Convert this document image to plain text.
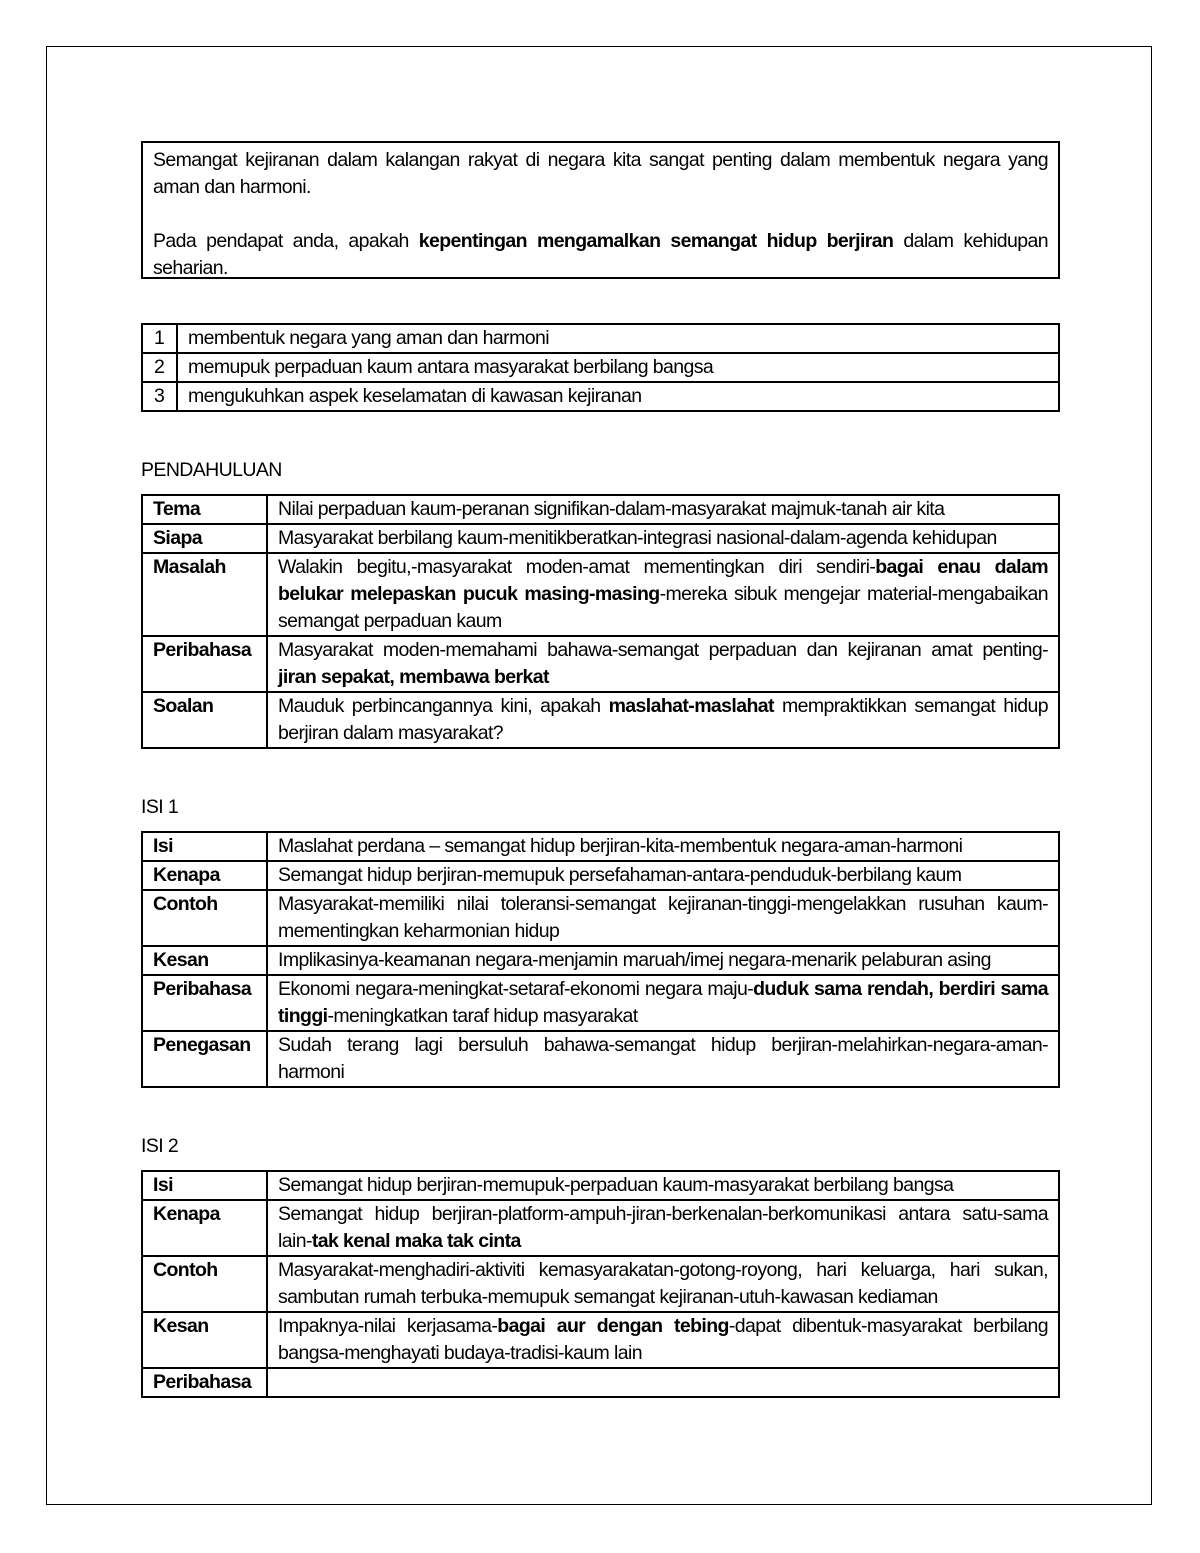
Semangat kejiranan dalam kalangan rakyat di negara kita sangat penting dalam membentuk negara yang aman dan harmoni.

Pada pendapat anda, apakah kepentingan mengamalkan semangat hidup berjiran dalam kehidupan seharian.

1	membentuk negara yang aman dan harmoni
2	memupuk perpaduan kaum antara masyarakat berbilang bangsa
3	mengukuhkan aspek keselamatan di kawasan kejiranan
PENDAHULUAN
Tema	Nilai perpaduan kaum-peranan signifikan-dalam-masyarakat majmuk-tanah air kita
Siapa	Masyarakat berbilang kaum-menitikberatkan-integrasi nasional-dalam-agenda kehidupan
Masalah	Walakin begitu,-masyarakat moden-amat mementingkan diri sendiri-bagai enau dalam belukar melepaskan pucuk masing-masing-mereka sibuk mengejar material-mengabaikan semangat perpaduan kaum
Peribahasa	Masyarakat moden-memahami bahawa-semangat perpaduan dan kejiranan amat penting-jiran sepakat, membawa berkat
Soalan	Mauduk perbincangannya kini, apakah maslahat-maslahat mempraktikkan semangat hidup berjiran dalam masyarakat?
ISI 1
Isi	Maslahat perdana – semangat hidup berjiran-kita-membentuk negara-aman-harmoni
Kenapa	Semangat hidup berjiran-memupuk persefahaman-antara-penduduk-berbilang kaum
Contoh	Masyarakat-memiliki nilai toleransi-semangat kejiranan-tinggi-mengelakkan rusuhan kaum-mementingkan keharmonian hidup
Kesan	Implikasinya-keamanan negara-menjamin maruah/imej negara-menarik pelaburan asing
Peribahasa	Ekonomi negara-meningkat-setaraf-ekonomi negara maju-duduk sama rendah, berdiri sama tinggi-meningkatkan taraf hidup masyarakat
Penegasan	Sudah terang lagi bersuluh bahawa-semangat hidup berjiran-melahirkan-negara-aman-harmoni
ISI 2
Isi	Semangat hidup berjiran-memupuk-perpaduan kaum-masyarakat berbilang bangsa
Kenapa	Semangat hidup berjiran-platform-ampuh-jiran-berkenalan-berkomunikasi antara satu-sama lain-tak kenal maka tak cinta
Contoh	Masyarakat-menghadiri-aktiviti kemasyarakatan-gotong-royong, hari keluarga, hari sukan, sambutan rumah terbuka-memupuk semangat kejiranan-utuh-kawasan kediaman
Kesan	Impaknya-nilai kerjasama-bagai aur dengan tebing-dapat dibentuk-masyarakat berbilang bangsa-menghayati budaya-tradisi-kaum lain
Peribahasa	
